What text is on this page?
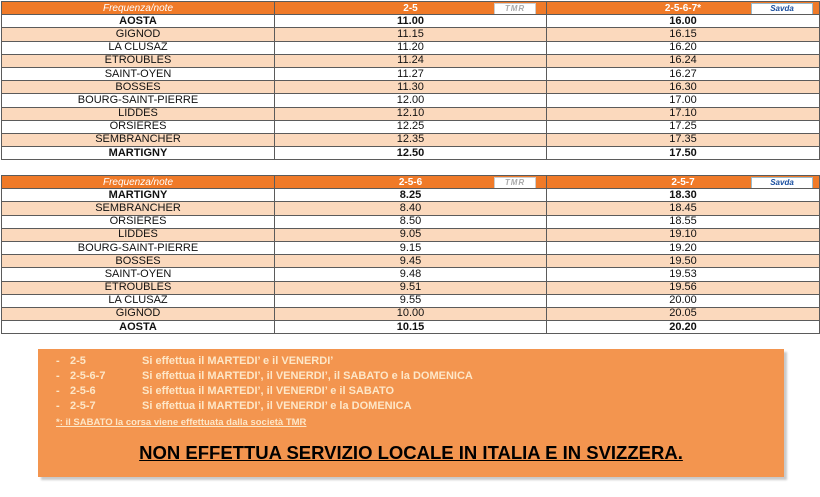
Frequenza/note	2-5 TMR	2-5-6-7* Savda

AOSTA	11.00	16.00
GIGNOD	11.15	16.15
LA CLUSAZ	11.20	16.20
ETROUBLES	11.24	16.24
SAINT-OYEN	11.27	16.27
BOSSES	11.30	16.30
BOURG-SAINT-PIERRE	12.00	17.00
LIDDES	12.10	17.10
ORSIERES	12.25	17.25
SEMBRANCHER	12.35	17.35
MARTIGNY	12.50	17.50
Frequenza/note	2-5-6 TMR	2-5-7 Savda

MARTIGNY	8.25	18.30
SEMBRANCHER	8.40	18.45
ORSIERES	8.50	18.55
LIDDES	9.05	19.10
BOURG-SAINT-PIERRE	9.15	19.20
BOSSES	9.45	19.50
SAINT-OYEN	9.48	19.53
ETROUBLES	9.51	19.56
LA CLUSAZ	9.55	20.00
GIGNOD	10.00	20.05
AOSTA	10.15	20.20
- 2-5	Si effettua il MARTEDI’ e il VENERDI’
- 2-5-6-7	Si effettua il MARTEDI’, il VENERDI’, il SABATO e la DOMENICA
- 2-5-6	Si effettua il MARTEDI’, il VENERDI’ e il SABATO
- 2-5-7	Si effettua il MARTEDI’, il VENERDI’ e la DOMENICA
*: il SABATO la corsa viene effettuata dalla società TMR
NON EFFETTUA SERVIZIO LOCALE IN ITALIA E IN SVIZZERA.
